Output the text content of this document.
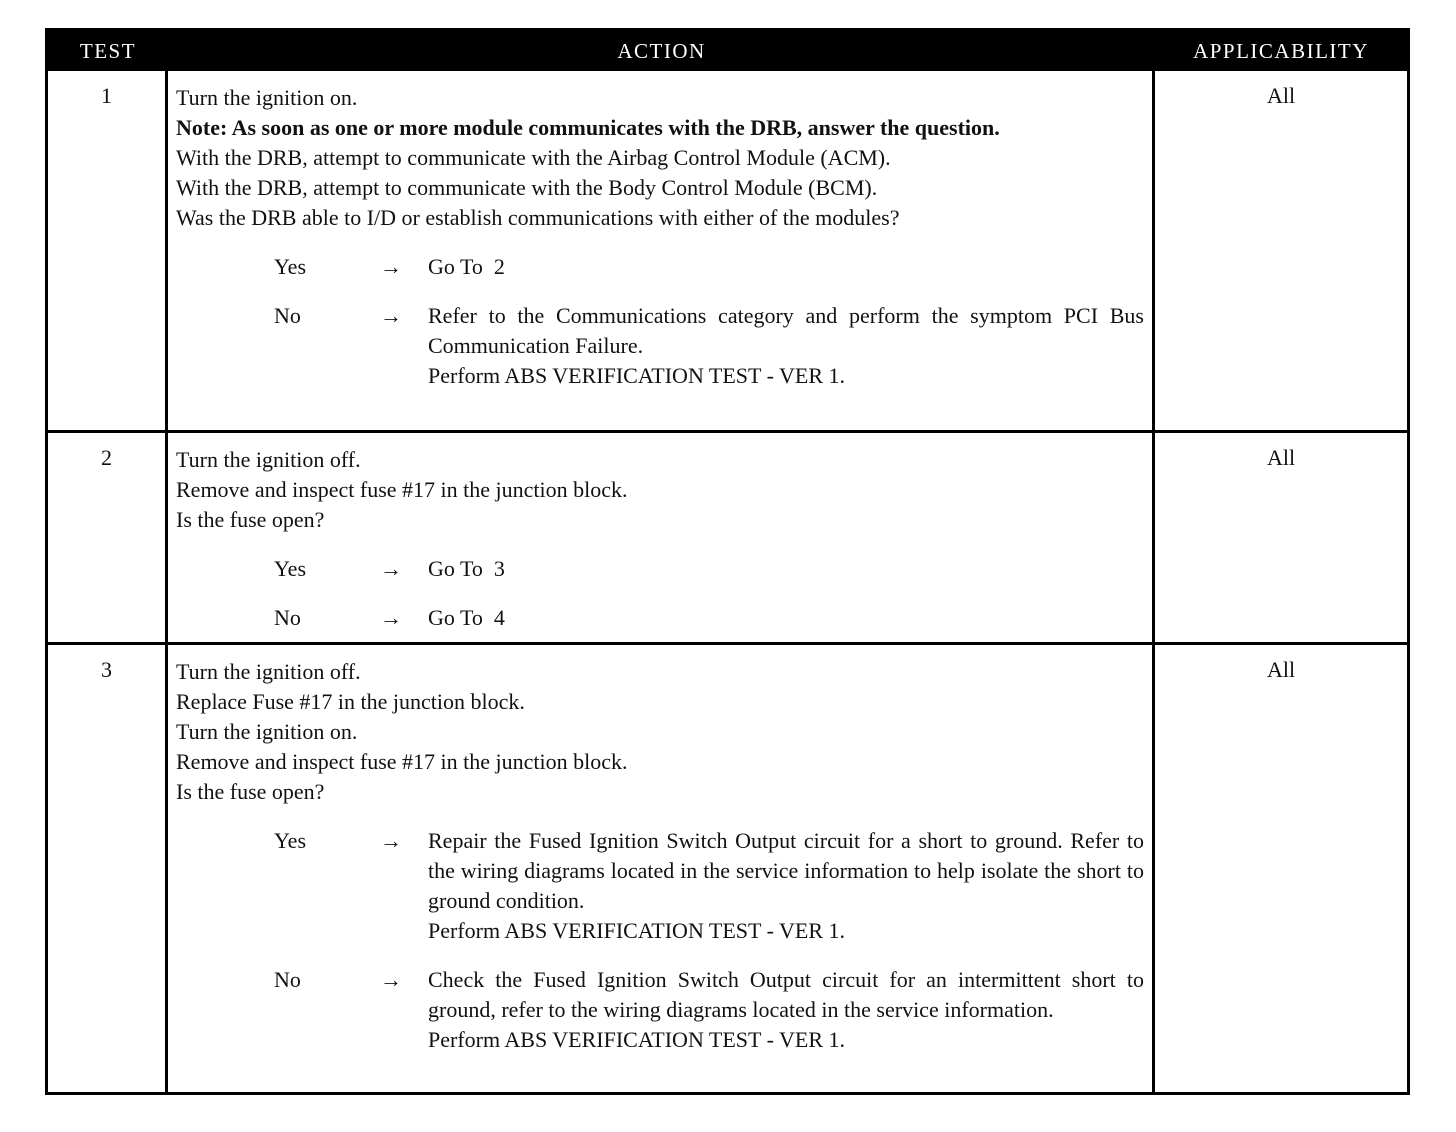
TEST	ACTION	APPLICABILITY
1	Turn the ignition on.
Note: As soon as one or more module communicates with the DRB, answer the question.
With the DRB, attempt to communicate with the Airbag Control Module (ACM).
With the DRB, attempt to communicate with the Body Control Module (BCM).
Was the DRB able to I/D or establish communications with either of the modules?
Yes	→	Go To  2
No	→	Refer to the Communications category and perform the symptom PCI Bus Communication Failure.
Perform ABS VERIFICATION TEST - VER 1.
All
2	Turn the ignition off.
Remove and inspect fuse #17 in the junction block.
Is the fuse open?
Yes	→	Go To  3
No	→	Go To  4
All
3	Turn the ignition off.
Replace Fuse #17 in the junction block.
Turn the ignition on.
Remove and inspect fuse #17 in the junction block.
Is the fuse open?
Yes	→	Repair the Fused Ignition Switch Output circuit for a short to ground. Refer to the wiring diagrams located in the service information to help isolate the short to ground condition.
Perform ABS VERIFICATION TEST - VER 1.
No	→	Check the Fused Ignition Switch Output circuit for an intermittent short to ground, refer to the wiring diagrams located in the service information.
Perform ABS VERIFICATION TEST - VER 1.
All
